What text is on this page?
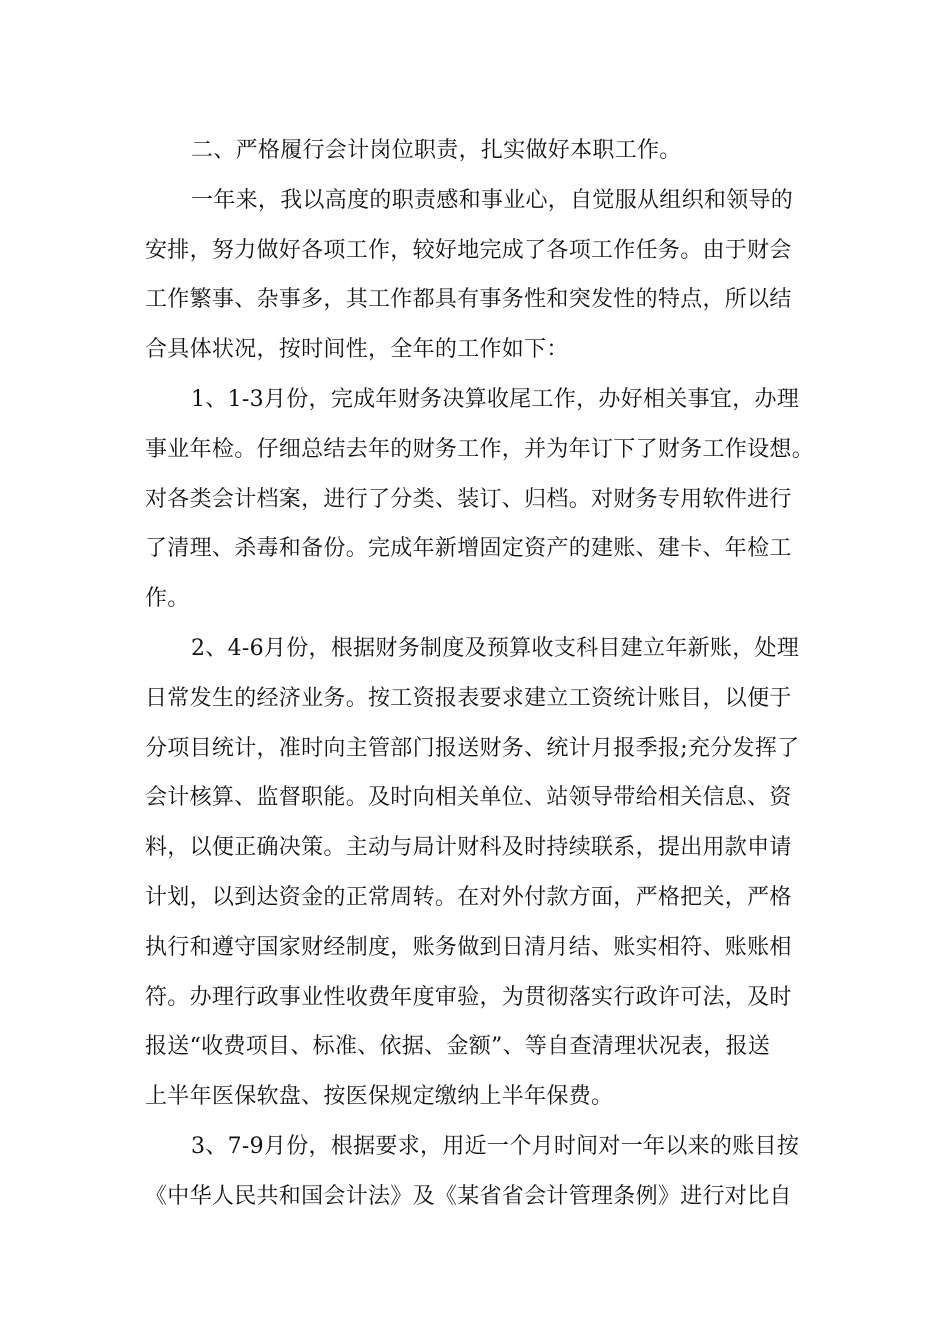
二、严格履行会计岗位职责，扎实做好本职工作。
一年来，我以高度的职责感和事业心，自觉服从组织和领导的
安排，努力做好各项工作，较好地完成了各项工作任务。由于财会
工作繁事、杂事多，其工作都具有事务性和突发性的特点，所以结
合具体状况，按时间性，全年的工作如下：
1、1-3月份，完成年财务决算收尾工作，办好相关事宜，办理
事业年检。仔细总结去年的财务工作，并为年订下了财务工作设想。
对各类会计档案，进行了分类、装订、归档。对财务专用软件进行
了清理、杀毒和备份。完成年新增固定资产的建账、建卡、年检工
作。
2、4-6月份，根据财务制度及预算收支科目建立年新账，处理
日常发生的经济业务。按工资报表要求建立工资统计账目，以便于
分项目统计，准时向主管部门报送财务、统计月报季报;充分发挥了
会计核算、监督职能。及时向相关单位、站领导带给相关信息、资
料，以便正确决策。主动与局计财科及时持续联系，提出用款申请
计划，以到达资金的正常周转。在对外付款方面，严格把关，严格
执行和遵守国家财经制度，账务做到日清月结、账实相符、账账相
符。办理行政事业性收费年度审验，为贯彻落实行政许可法，及时
报送“收费项目、标准、依据、金额”、等自查清理状况表，报送
上半年医保软盘、按医保规定缴纳上半年保费。
3、7-9月份，根据要求，用近一个月时间对一年以来的账目按
《中华人民共和国会计法》及《某省省会计管理条例》进行对比自
